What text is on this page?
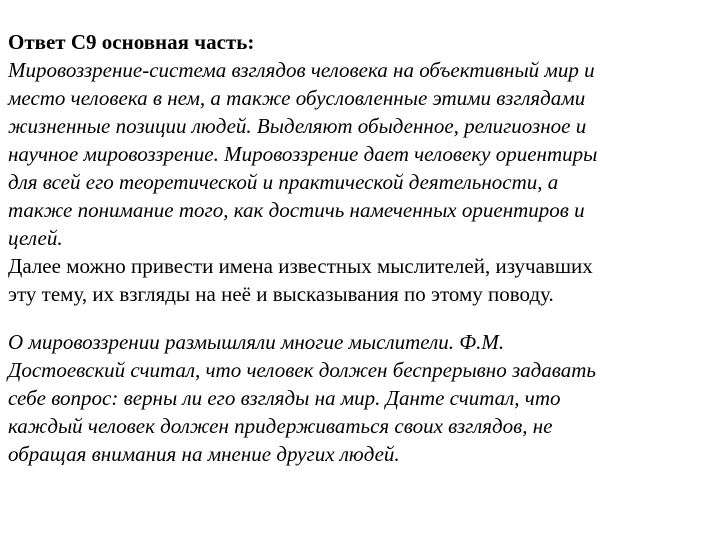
Ответ С9 основная часть:

Мировоззрение-система взглядов человека на объективный мир и
место человека в нем, а также обусловленные этими взглядами
жизненные позиции людей. Выделяют обыденное, религиозное и
научное мировоззрение. Мировоззрение дает человеку ориентиры
для всей его теоретической и практической деятельности, а
также понимание того, как достичь намеченных ориентиров и
целей.

Далее можно привести имена известных мыслителей, изучавших
эту тему, их взгляды на неё и высказывания по этому поводу.

О мировоззрении размышляли многие мыслители. Ф.М.
Достоевский считал, что человек должен беспрерывно задавать
себе вопрос: верны ли его взгляды на мир. Данте считал, что
каждый человек должен придерживаться своих взглядов, не
обращая внимания на мнение других людей.
